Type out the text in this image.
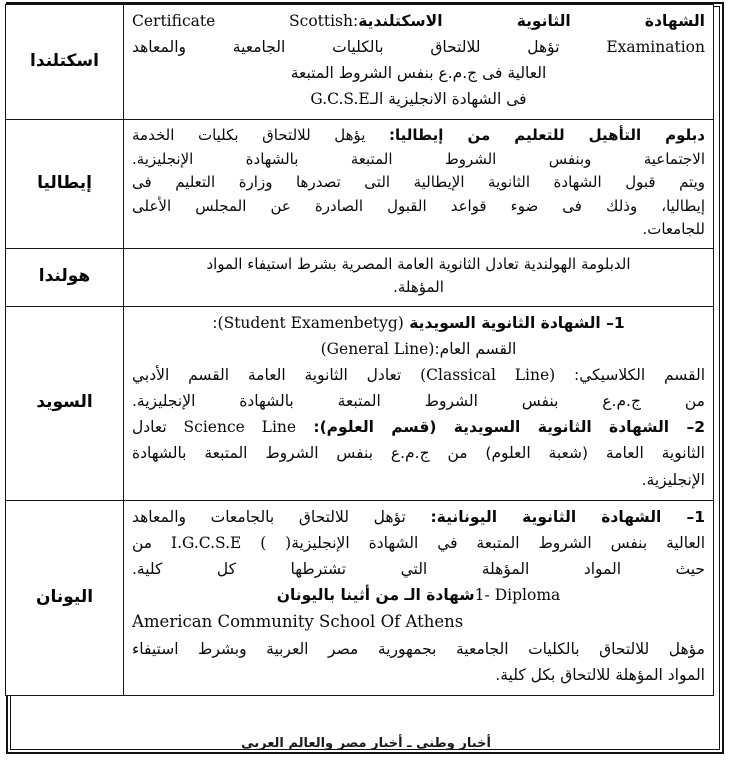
الشهادة الثانوية الاسكتلندية:Certificate Scottish

Examination تؤهل للالتحاق بالكليات الجامعية والمعاهد

العالية فى ج.م.ع بنفس الشروط المتبعة

فى الشهادة الانجليزية الـG.C.S.E	اسكتلندا

دبلوم التأهيل للتعليم من إيطاليا: يؤهل للالتحاق بكليات الخدمة

الاجتماعية وبنفس الشروط المتبعة بالشهادة الإنجليزية.

ويتم قبول الشهادة الثانوية الإيطالية التى تصدرها وزارة التعليم فى

إيطاليا، وذلك فى ضوء قواعد القبول الصادرة عن المجلس الأعلى

للجامعات.	إيطاليا

الدبلومة الهولندية تعادل الثانوية العامة المصرية بشرط استيفاء المواد

المؤهلة.	هولندا

1– الشهادة الثانوية السويدية (Student Examenbetyg):

القسم العام:(General Line)

القسم الكلاسيكي: (Classical Line) تعادل الثانوية العامة القسم الأدبي

من ج.م.ع بنفس الشروط المتبعة بالشهادة الإنجليزية.

2– الشهادة الثانوية السويدية (قسم العلوم): Science Line تعادل

الثانوية العامة (شعبة العلوم) من ج.م.ع بنفس الشروط المتبعة بالشهادة

الإنجليزية.

	السويد

1– الشهادة الثانوية اليونانية: تؤهل للالتحاق بالجامعات والمعاهد

العالية بنفس الشروط المتبعة في الشهادة الإنجليزيةI.G.C.S.E ( ) من

حيث المواد المؤهلة التي تشترطها كل كلية.

1- Diplomaشهادة الـ من أثينا باليونان

American Community School Of Athens

مؤهل للالتحاق بالكليات الجامعية بجمهورية مصر العربية وبشرط استيفاء

المواد المؤهلة للالتحاق بكل كلية.

	اليونان
أخبار وطني ـ أخبار مصر والعالم العربي
